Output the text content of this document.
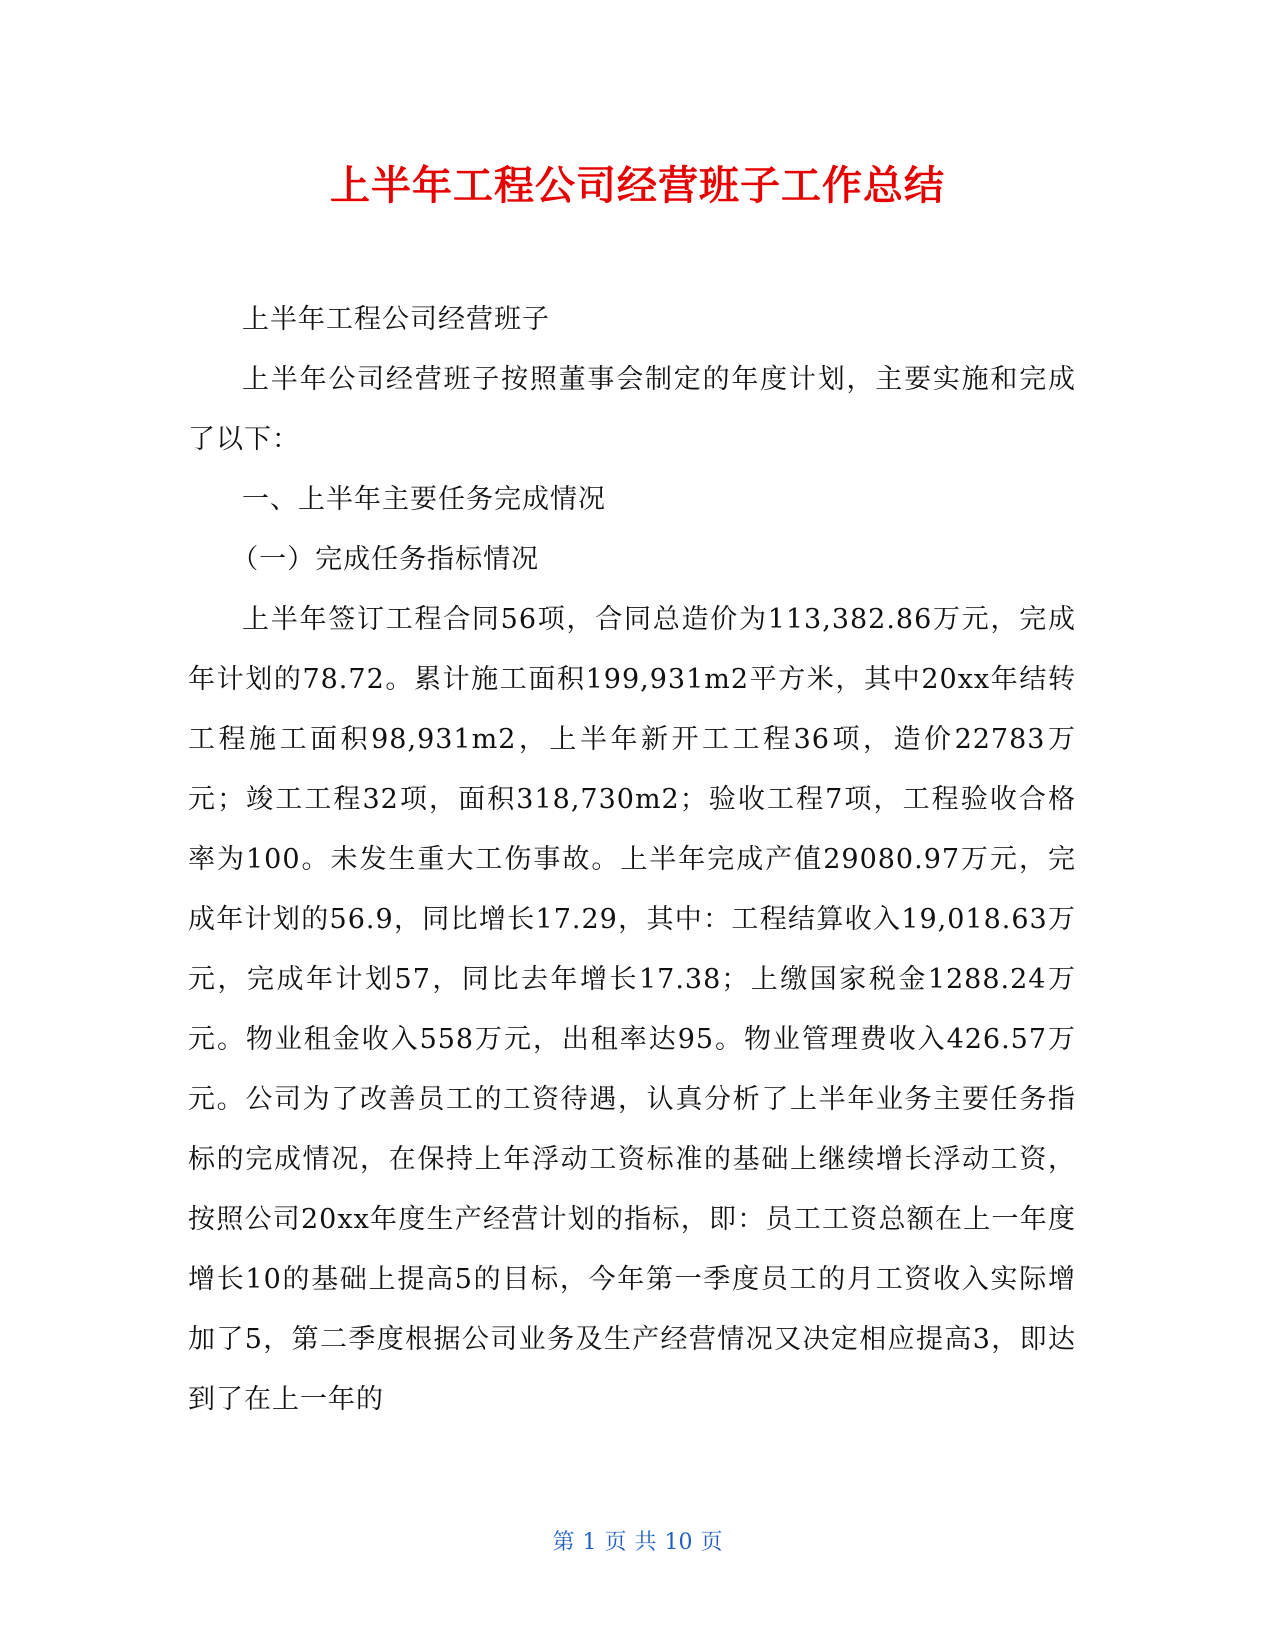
上半年工程公司经营班子工作总结

上半年工程公司经营班子

上半年公司经营班子按照董事会制定的年度计划，主要实施和完成了以下：

一、上半年主要任务完成情况

（一）完成任务指标情况

上半年签订工程合同56项，合同总造价为113,382.86万元，完成年计划的78.72。累计施工面积199,931m2平方米，其中20xx年结转工程施工面积98,931m2，上半年新开工工程36项，造价22783万元；竣工工程32项，面积318,730m2；验收工程7项，工程验收合格率为100。未发生重大工伤事故。上半年完成产值29080.97万元，完成年计划的56.9，同比增长17.29，其中：工程结算收入19,018.63万元，完成年计划57，同比去年增长17.38；上缴国家税金1288.24万元。物业租金收入558万元，出租率达95。物业管理费收入426.57万元。公司为了改善员工的工资待遇，认真分析了上半年业务主要任务指标的完成情况，在保持上年浮动工资标准的基础上继续增长浮动工资，按照公司20xx年度生产经营计划的指标，即：员工工资总额在上一年度增长10的基础上提高5的目标，今年第一季度员工的月工资收入实际增加了5，第二季度根据公司业务及生产经营情况又决定相应提高3，即达到了在上一年的

第 1 页 共 10 页
